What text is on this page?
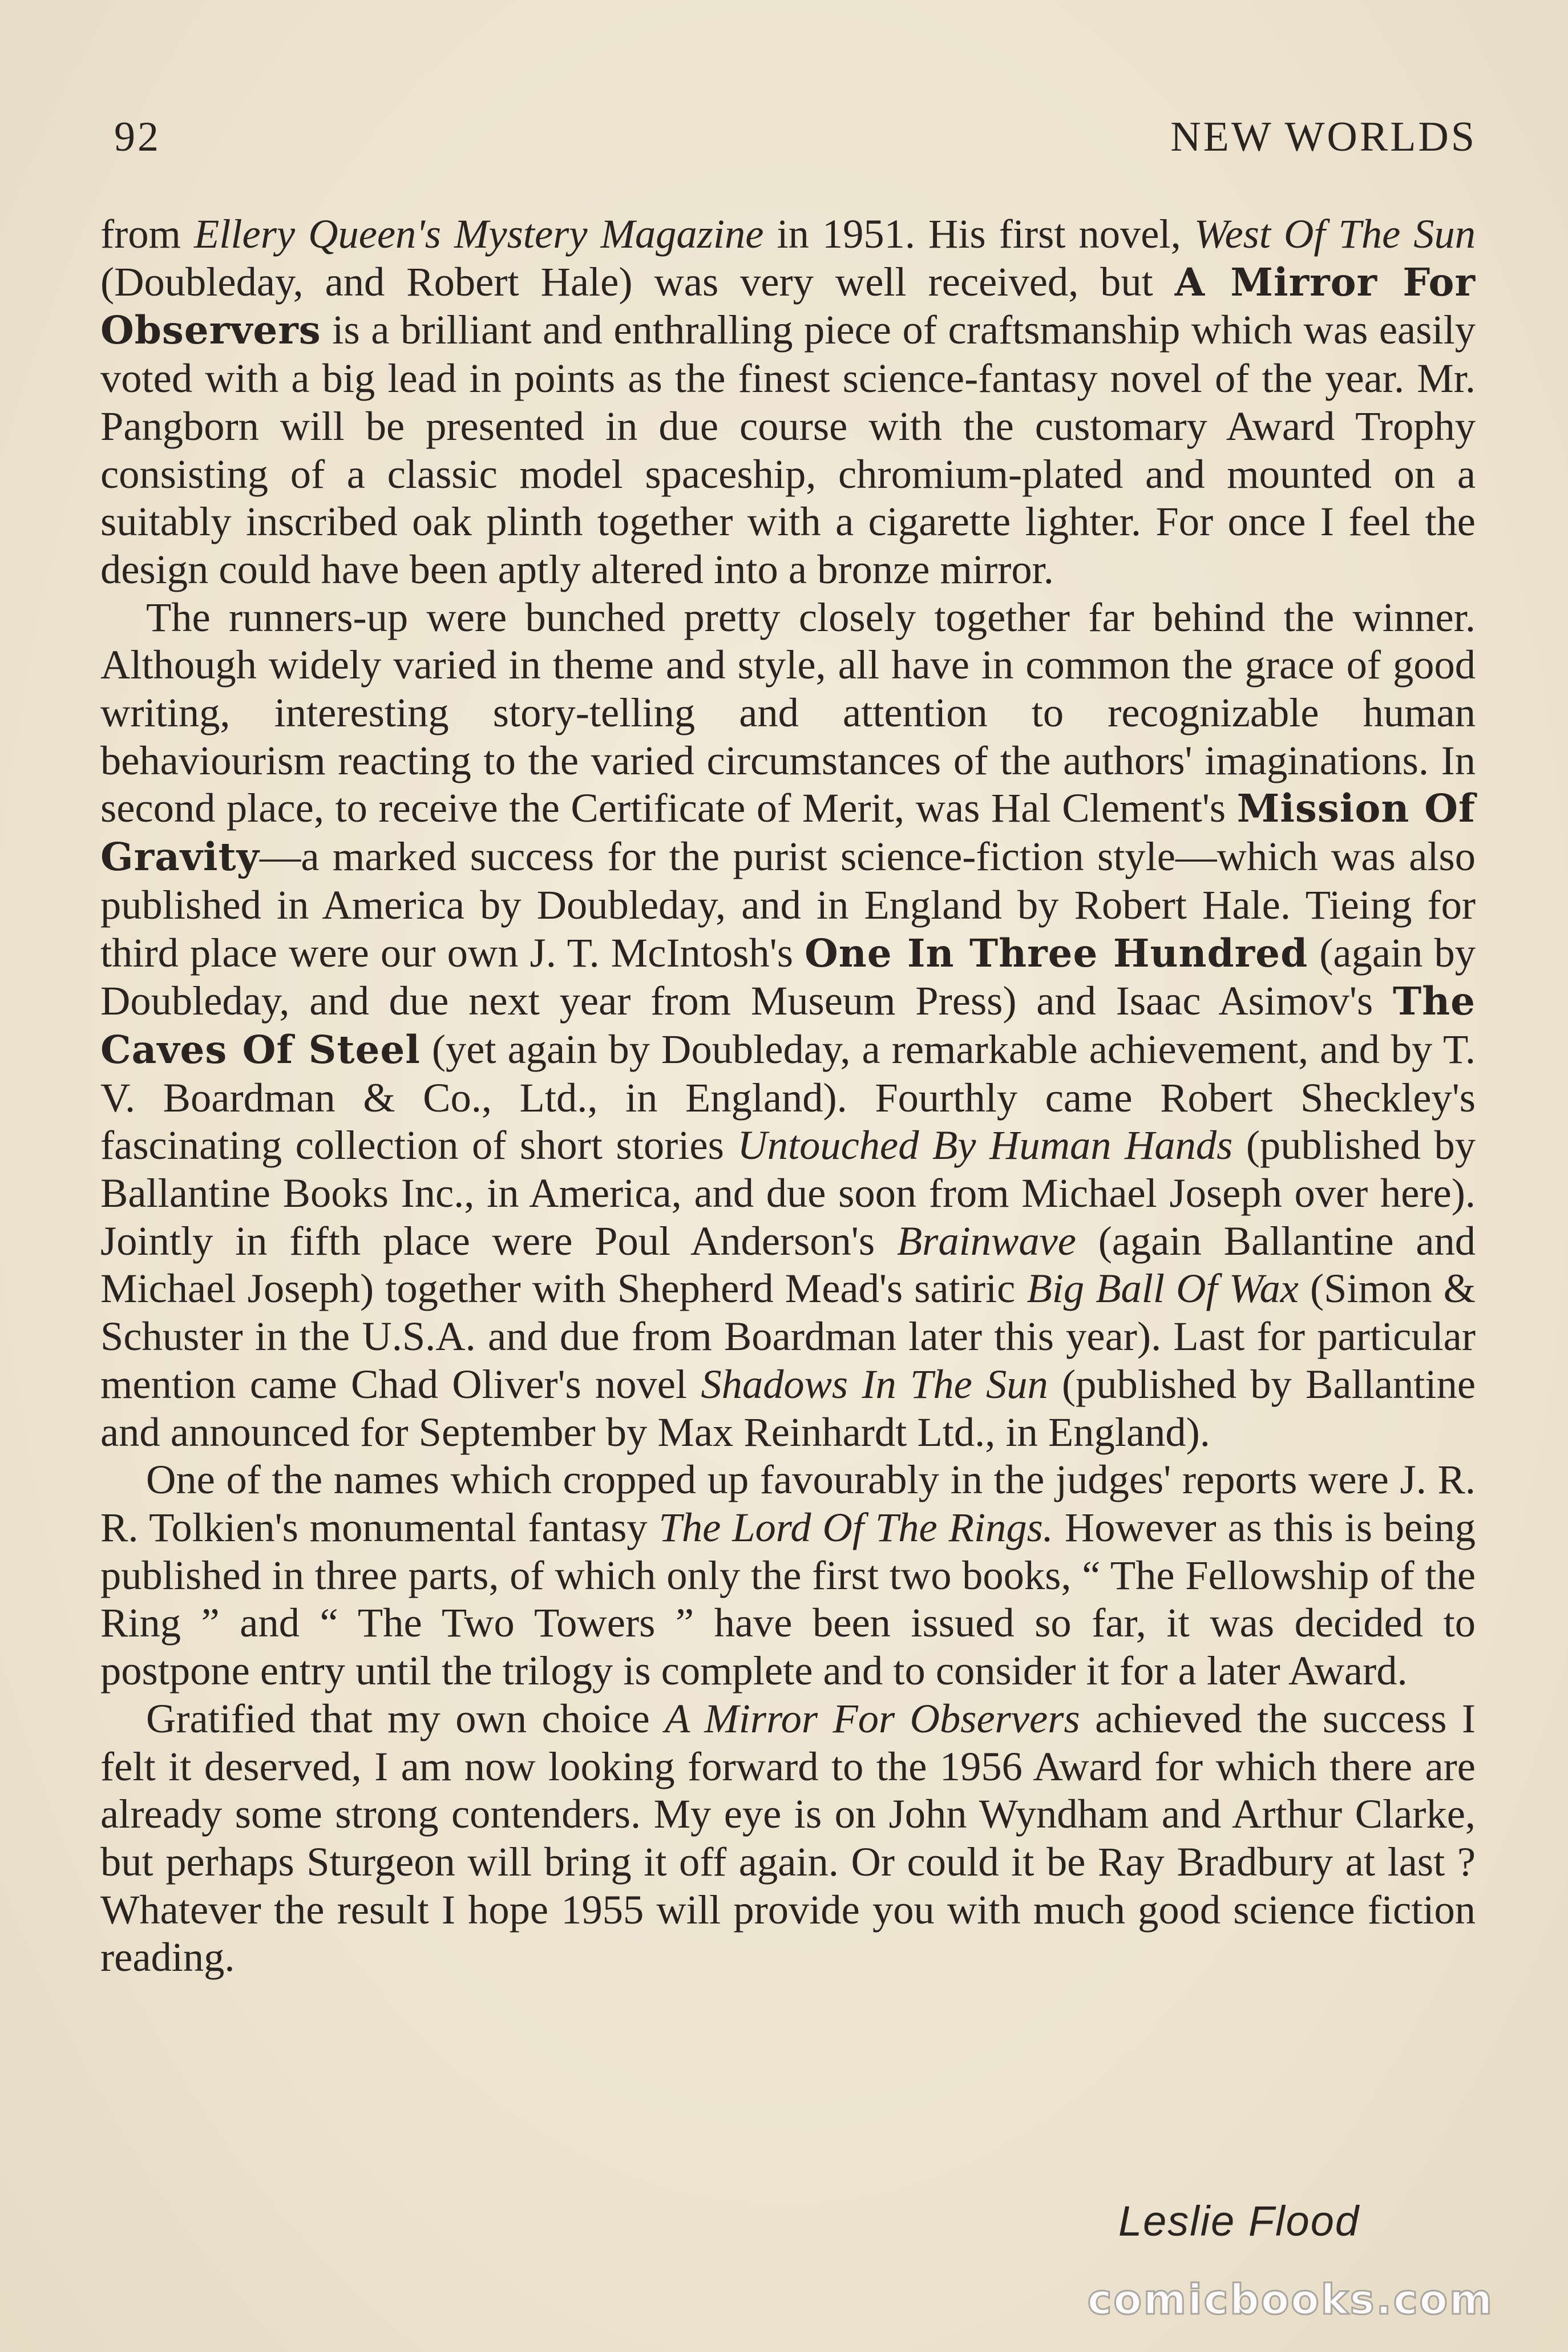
92	NEW WORLDS

from Ellery Queen's Mystery Magazine in 1951. His first novel, West Of The Sun (Doubleday, and Robert Hale) was very well received, but A Mirror For Observers is a brilliant and enthralling piece of craftsmanship which was easily voted with a big lead in points as the finest science-fantasy novel of the year. Mr. Pangborn will be presented in due course with the customary Award Trophy consisting of a classic model spaceship, chromium-plated and mounted on a suitably inscribed oak plinth together with a cigarette lighter. For once I feel the design could have been aptly altered into a bronze mirror.

The runners-up were bunched pretty closely together far behind the winner. Although widely varied in theme and style, all have in common the grace of good writing, interesting story-telling and attention to recognizable human behaviourism reacting to the varied circumstances of the authors' imaginations. In second place, to receive the Certificate of Merit, was Hal Clement's Mission Of Gravity—a marked success for the purist science-fiction style—which was also published in America by Doubleday, and in England by Robert Hale. Tieing for third place were our own J. T. McIntosh's One In Three Hundred (again by Doubleday, and due next year from Museum Press) and Isaac Asimov's The Caves Of Steel (yet again by Doubleday, a remarkable achievement, and by T. V. Boardman & Co., Ltd., in England). Fourthly came Robert Sheckley's fascinating collection of short stories Untouched By Human Hands (published by Ballantine Books Inc., in America, and due soon from Michael Joseph over here). Jointly in fifth place were Poul Anderson's Brainwave (again Ballantine and Michael Joseph) together with Shepherd Mead's satiric Big Ball Of Wax (Simon & Schuster in the U.S.A. and due from Boardman later this year). Last for particular mention came Chad Oliver's novel Shadows In The Sun (published by Ballantine and announced for September by Max Reinhardt Ltd., in England).

One of the names which cropped up favourably in the judges' reports were J. R. R. Tolkien's monumental fantasy The Lord Of The Rings. However as this is being published in three parts, of which only the first two books, “ The Fellowship of the Ring ” and “ The Two Towers ” have been issued so far, it was decided to postpone entry until the trilogy is complete and to consider it for a later Award.

Gratified that my own choice A Mirror For Observers achieved the success I felt it deserved, I am now looking forward to the 1956 Award for which there are already some strong contenders. My eye is on John Wyndham and Arthur Clarke, but perhaps Sturgeon will bring it off again. Or could it be Ray Bradbury at last ? Whatever the result I hope 1955 will provide you with much good science fiction reading.

Leslie Flood
comicbooks.com
